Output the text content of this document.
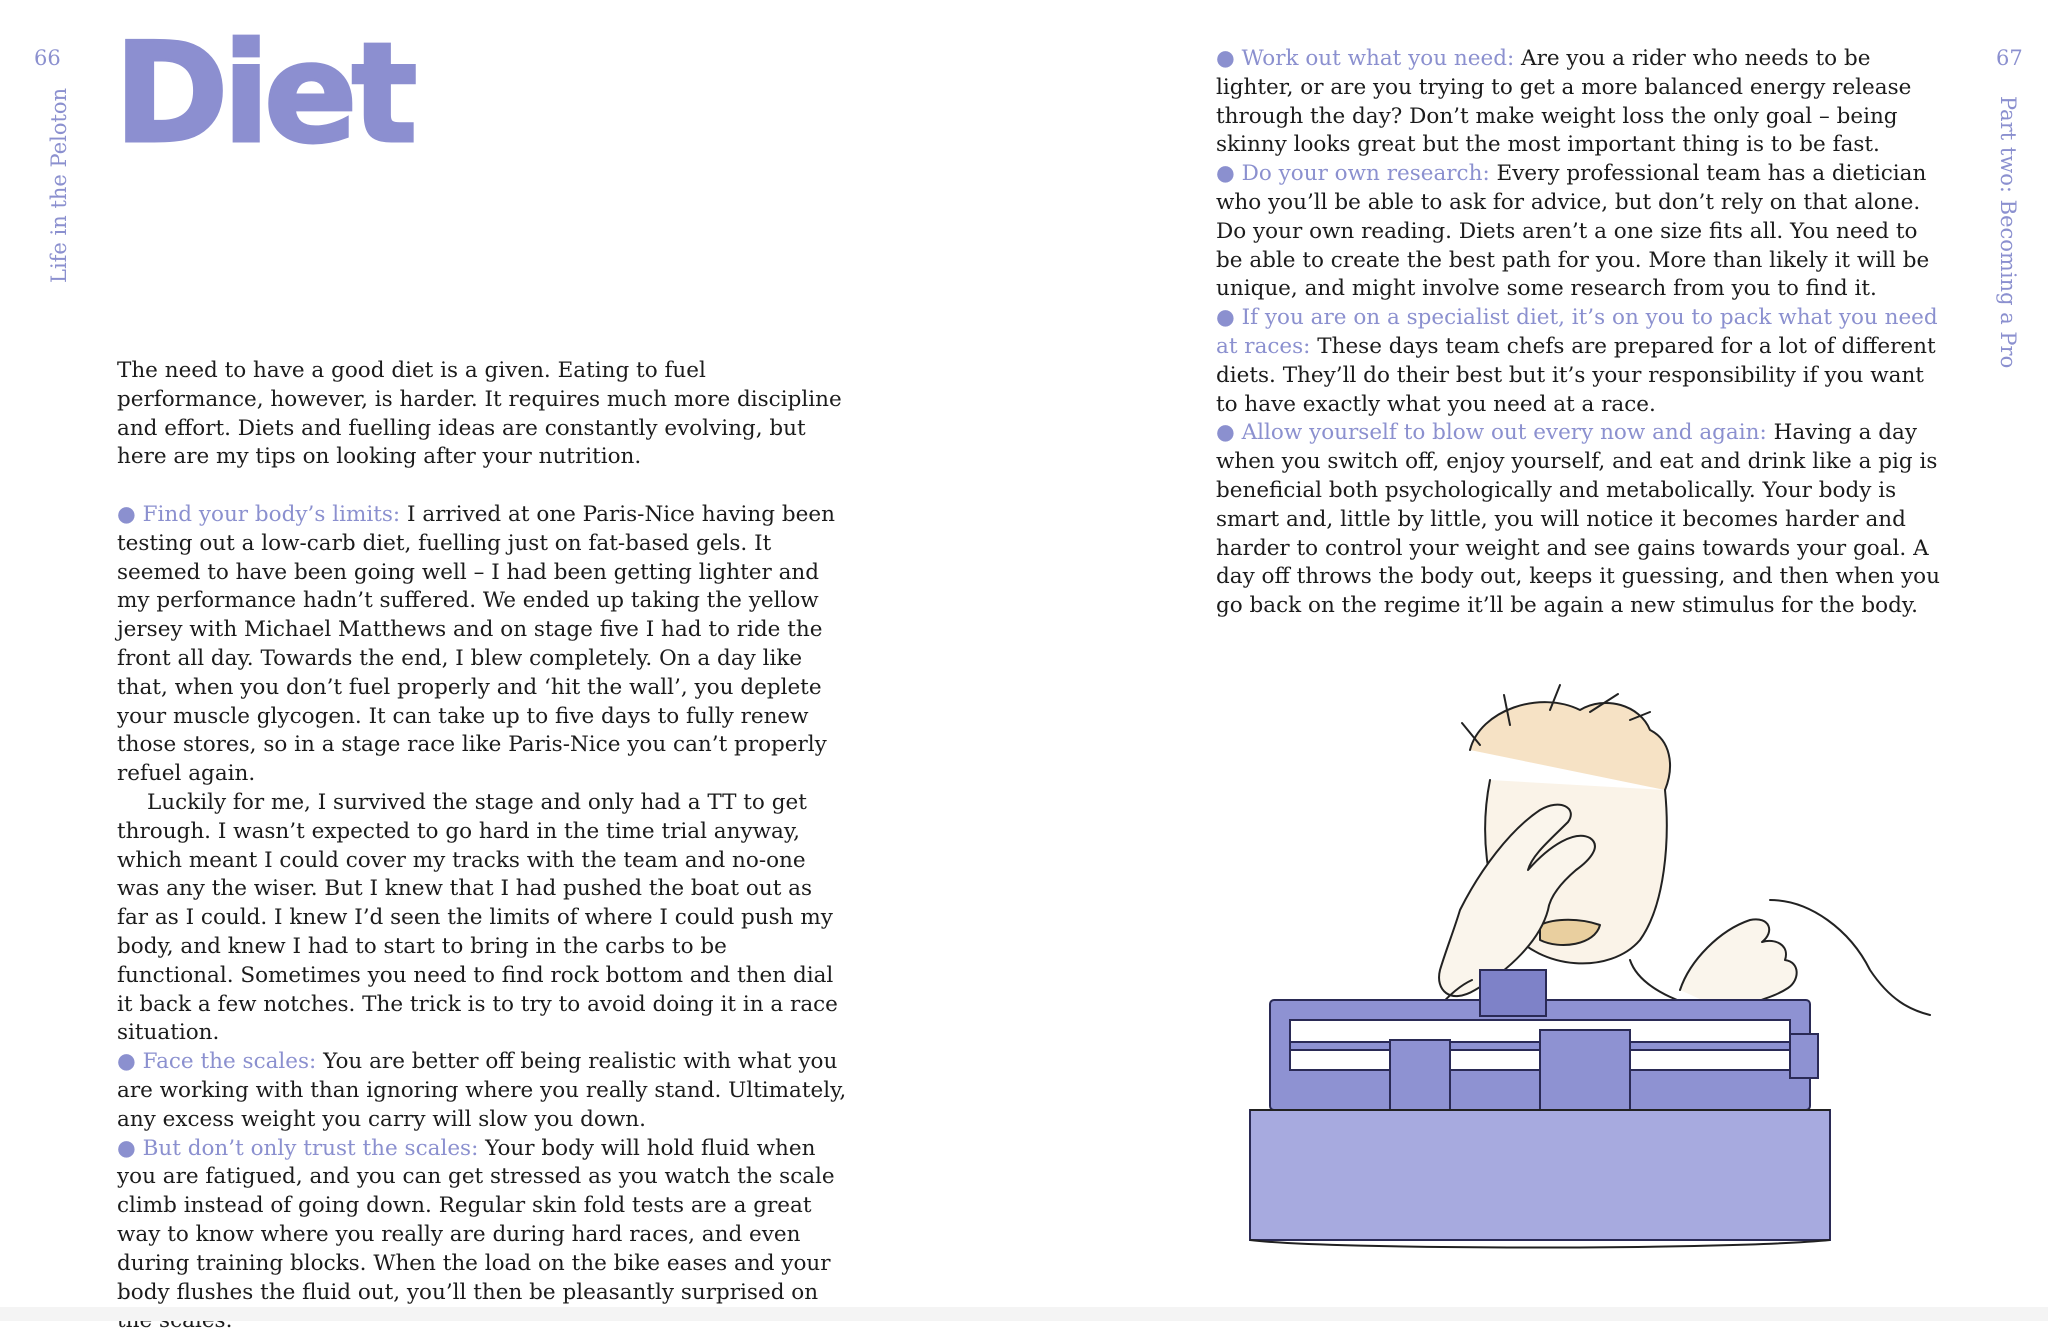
66
Life in the Peloton Diet

The need to have a good diet is a given. Eating to fuel performance, however, is harder. It requires much more discipline and effort. Diets and fuelling ideas are constantly evolving, but here are my tips on looking after your nutrition.

● Find your body’s limits: I arrived at one Paris-Nice having been testing out a low-carb diet, fuelling just on fat-based gels. It seemed to have been going well – I had been getting lighter and my performance hadn’t suffered. We ended up taking the yellow jersey with Michael Matthews and on stage five I had to ride the front all day. Towards the end, I blew completely. On a day like that, when you don’t fuel properly and ‘hit the wall’, you deplete your muscle glycogen. It can take up to five days to fully renew those stores, so in a stage race like Paris-Nice you can’t properly refuel again.

Luckily for me, I survived the stage and only had a TT to get through. I wasn’t expected to go hard in the time trial anyway, which meant I could cover my tracks with the team and no-one was any the wiser. But I knew that I had pushed the boat out as far as I could. I knew I’d seen the limits of where I could push my body, and knew I had to start to bring in the carbs to be functional. Sometimes you need to find rock bottom and then dial it back a few notches. The trick is to try to avoid doing it in a race situation.

● Face the scales: You are better off being realistic with what you are working with than ignoring where you really stand. Ultimately, any excess weight you carry will slow you down.

● But don’t only trust the scales: Your body will hold fluid when you are fatigued, and you can get stressed as you watch the scale climb instead of going down. Regular skin fold tests are a great way to know where you really are during hard races, and even during training blocks. When the load on the bike eases and your body flushes the fluid out, you’ll then be pleasantly surprised on

67
Part two: Becoming a Pro

● Work out what you need: Are you a rider who needs to be lighter, or are you trying to get a more balanced energy release through the day? Don’t make weight loss the only goal – being skinny looks great but the most important thing is to be fast.

● Do your own research: Every professional team has a dietician who you’ll be able to ask for advice, but don’t rely on that alone. Do your own reading. Diets aren’t a one size fits all. You need to be able to create the best path for you. More than likely it will be unique, and might involve some research from you to find it.

● If you are on a specialist diet, it’s on you to pack what you need at races: These days team chefs are prepared for a lot of different diets. They’ll do their best but it’s your responsibility if you want to have exactly what you need at a race.

● Allow yourself to blow out every now and again: Having a day when you switch off, enjoy yourself, and eat and drink like a pig is beneficial both psychologically and metabolically. Your body is smart and, little by little, you will notice it becomes harder and harder to control your weight and see gains towards your goal. A day off throws the body out, keeps it guessing, and then when you go back on the regime it’ll be again a new stimulus for the body.
